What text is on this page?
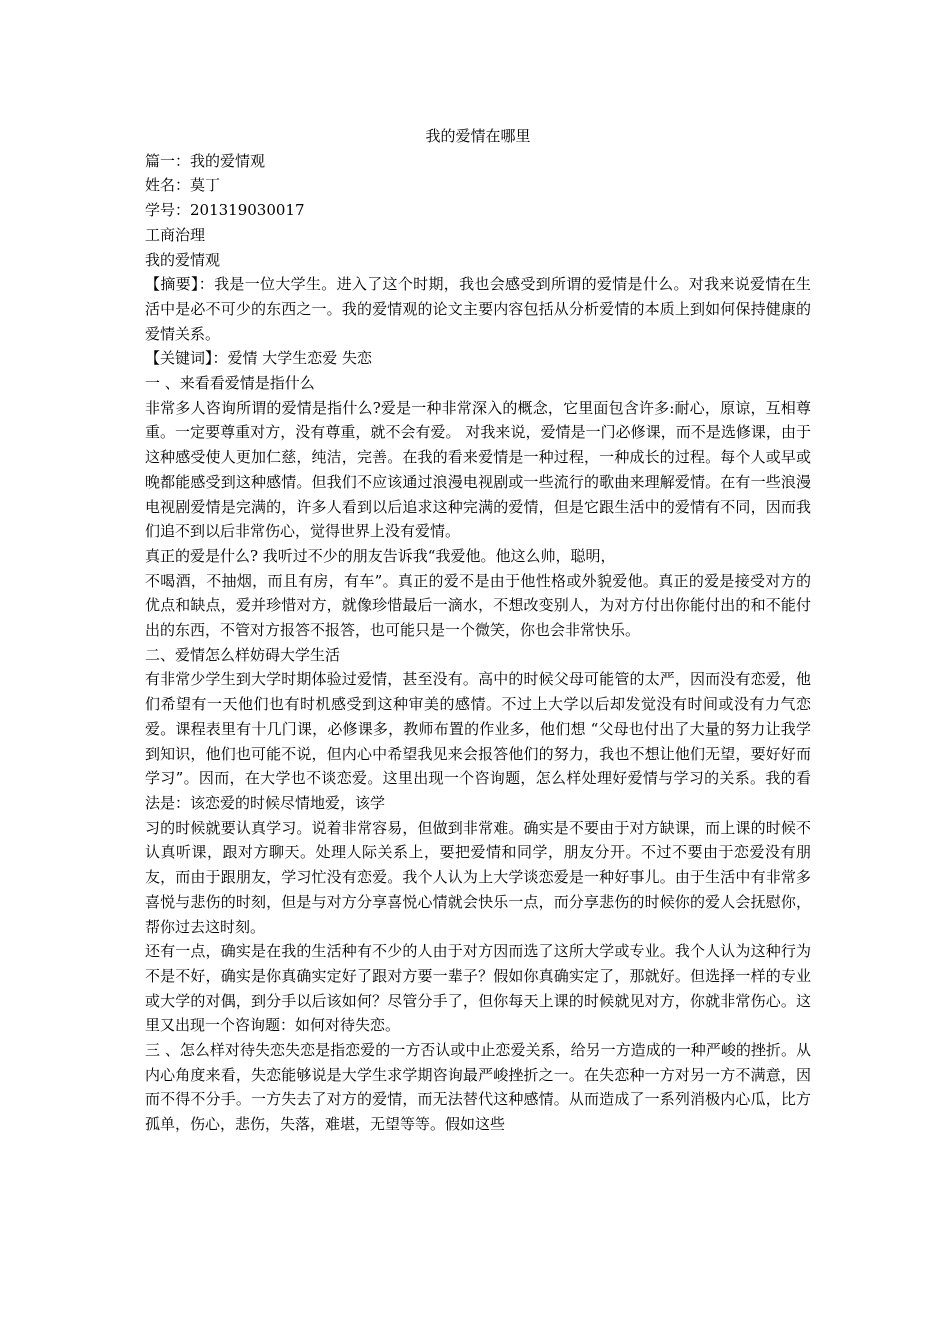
我的爱情在哪里

篇一：我的爱情观

姓名：莫丁

学号：201319030017

工商治理

我的爱情观

【摘要】：我是一位大学生。进入了这个时期，我也会感受到所谓的爱情是什么。对我来说爱情在生活中是必不可少的东西之一。我的爱情观的论文主要内容包括从分析爱情的本质上到如何保持健康的爱情关系。

【关键词】：爱情 大学生恋爱 失恋

一 、来看看爱情是指什么

非常多人咨询所谓的爱情是指什么?爱是一种非常深入的概念，它里面包含许多:耐心，原谅，互相尊重。一定要尊重对方，没有尊重，就不会有爱。 对我来说，爱情是一门必修课，而不是选修课，由于这种感受使人更加仁慈，纯洁，完善。在我的看来爱情是一种过程，一种成长的过程。每个人或早或晚都能感受到这种感情。但我们不应该通过浪漫电视剧或一些流行的歌曲来理解爱情。在有一些浪漫电视剧爱情是完满的，许多人看到以后追求这种完满的爱情，但是它跟生活中的爱情有不同，因而我们追不到以后非常伤心，觉得世界上没有爱情。

真正的爱是什么? 我听过不少的朋友告诉我“我爱他。他这么帅，聪明，

不喝酒，不抽烟，而且有房，有车”。真正的爱不是由于他性格或外貌爱他。真正的爱是接受对方的优点和缺点，爱并珍惜对方，就像珍惜最后一滴水，不想改变别人，为对方付出你能付出的和不能付出的东西，不管对方报答不报答，也可能只是一个微笑，你也会非常快乐。

二、爱情怎么样妨碍大学生活

有非常少学生到大学时期体验过爱情，甚至没有。高中的时候父母可能管的太严，因而没有恋爱，他们希望有一天他们也有时机感受到这种审美的感情。不过上大学以后却发觉没有时间或没有力气恋爱。课程表里有十几门课，必修课多，教师布置的作业多，他们想 “父母也付出了大量的努力让我学到知识，他们也可能不说，但内心中希望我见来会报答他们的努力，我也不想让他们无望，要好好而学习”。因而，在大学也不谈恋爱。这里出现一个咨询题，怎么样处理好爱情与学习的关系。我的看法是：该恋爱的时候尽情地爱，该学

习的时候就要认真学习。说着非常容易，但做到非常难。确实是不要由于对方缺课，而上课的时候不认真听课，跟对方聊天。处理人际关系上，要把爱情和同学，朋友分开。不过不要由于恋爱没有朋友，而由于跟朋友，学习忙没有恋爱。我个人认为上大学谈恋爱是一种好事儿。由于生活中有非常多喜悦与悲伤的时刻，但是与对方分享喜悦心情就会快乐一点，而分享悲伤的时候你的爱人会抚慰你，帮你过去这时刻。

还有一点，确实是在我的生活种有不少的人由于对方因而选了这所大学或专业。我个人认为这种行为不是不好，确实是你真确实定好了跟对方要一辈子？假如你真确实定了，那就好。但选择一样的专业或大学的对偶，到分手以后该如何？尽管分手了，但你每天上课的时候就见对方，你就非常伤心。这里又出现一个咨询题：如何对待失恋。

三 、怎么样对待失恋失恋是指恋爱的一方否认或中止恋爱关系，给另一方造成的一种严峻的挫折。从内心角度来看，失恋能够说是大学生求学期咨询最严峻挫折之一。在失恋种一方对另一方不满意，因而不得不分手。一方失去了对方的爱情，而无法替代这种感情。从而造成了一系列消极内心瓜，比方孤单，伤心，悲伤，失落，难堪，无望等等。假如这些
